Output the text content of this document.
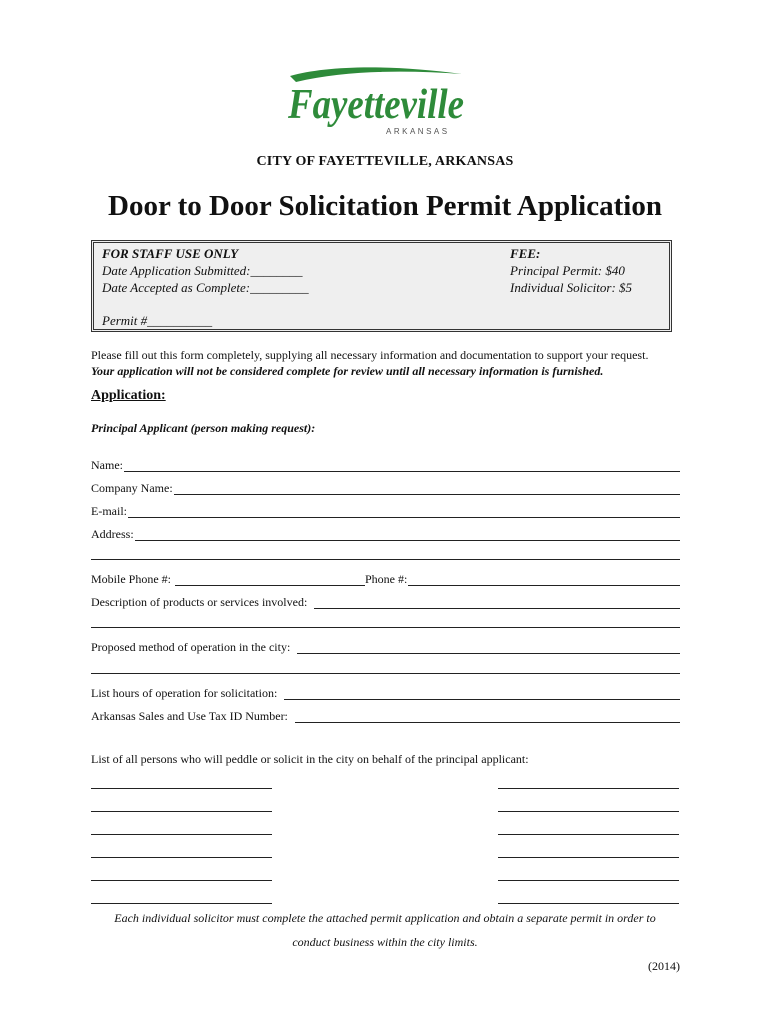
Fayetteville
ARKANSAS
CITY OF FAYETTEVILLE, ARKANSAS
Door to Door Solicitation Permit Application
FOR STAFF USE ONLY
Date Application Submitted:________
Date Accepted as Complete:_________
Permit #__________
FEE:
Principal Permit: $40
Individual Solicitor: $5
Please fill out this form completely, supplying all necessary information and documentation to support your request.
Your application will not be considered complete for review until all necessary information is furnished.
Application:
Principal Applicant (person making request):
Name:
Company Name:
E-mail:
Address:
Mobile Phone #:	Phone #:
Description of products or services involved:
Proposed method of operation in the city:
List hours of operation for solicitation:
Arkansas Sales and Use Tax ID Number:
List of all persons who will peddle or solicit in the city on behalf of the principal applicant:
Each individual solicitor must complete the attached permit application and obtain a separate permit in order to
conduct business within the city limits.
(2014)
